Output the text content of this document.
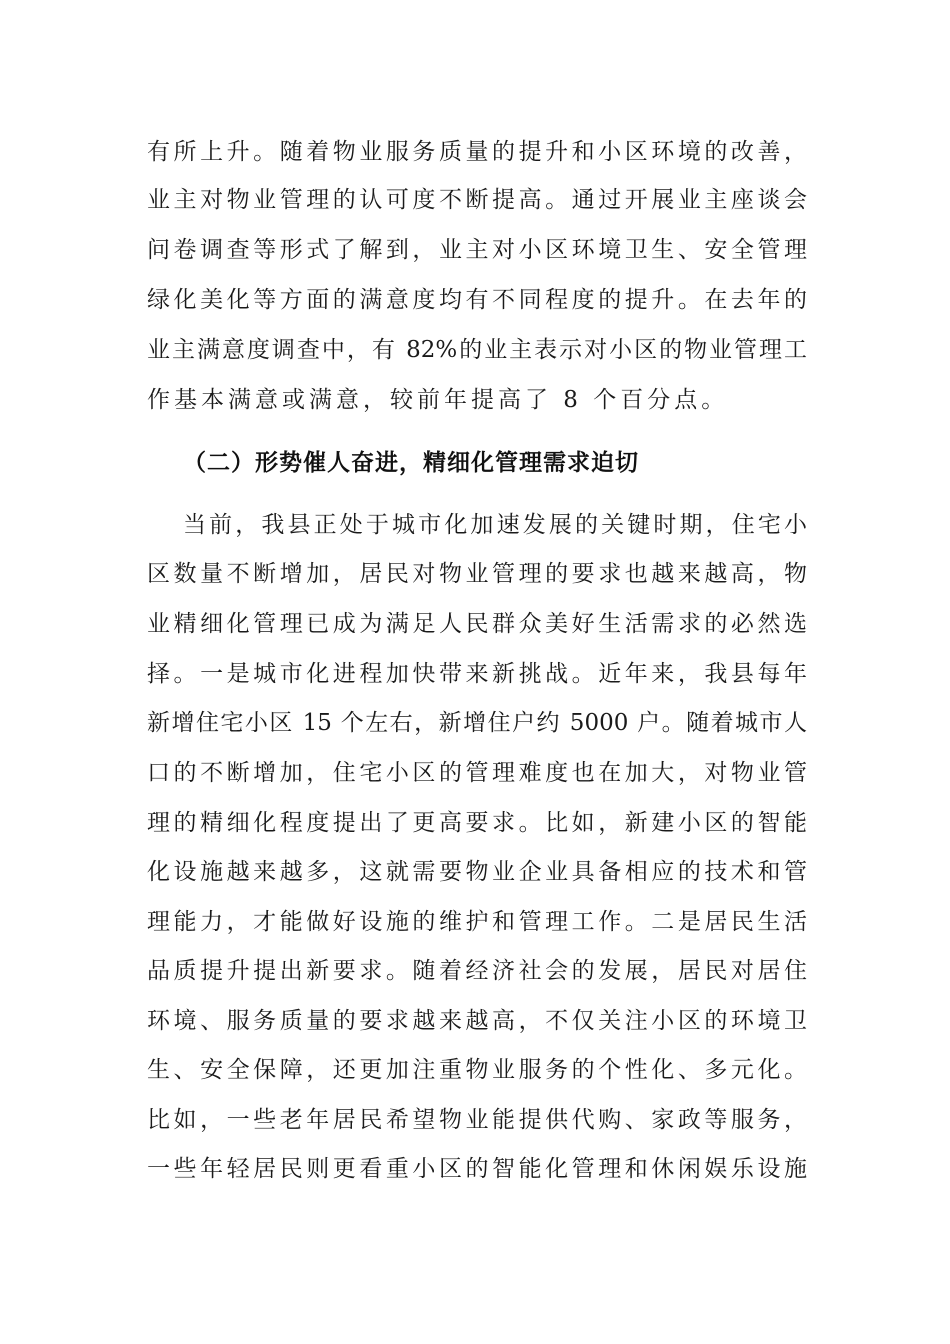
有所上升。随着物业服务质量的提升和小区环境的改善，
业主对物业管理的认可度不断提高。通过开展业主座谈会
问卷调查等形式了解到，业主对小区环境卫生、安全管理
绿化美化等方面的满意度均有不同程度的提升。在去年的
业主满意度调查中，有 82%的业主表示对小区的物业管理工
作基本满意或满意，较前年提高了 8 个百分点。
（二）形势催人奋进，精细化管理需求迫切
当前，我县正处于城市化加速发展的关键时期，住宅小
区数量不断增加，居民对物业管理的要求也越来越高，物
业精细化管理已成为满足人民群众美好生活需求的必然选
择。一是城市化进程加快带来新挑战。近年来，我县每年
新增住宅小区 15 个左右，新增住户约 5000 户。随着城市人
口的不断增加，住宅小区的管理难度也在加大，对物业管
理的精细化程度提出了更高要求。比如，新建小区的智能
化设施越来越多，这就需要物业企业具备相应的技术和管
理能力，才能做好设施的维护和管理工作。二是居民生活
品质提升提出新要求。随着经济社会的发展，居民对居住
环境、服务质量的要求越来越高，不仅关注小区的环境卫
生、安全保障，还更加注重物业服务的个性化、多元化。
比如，一些老年居民希望物业能提供代购、家政等服务，
一些年轻居民则更看重小区的智能化管理和休闲娱乐设施
